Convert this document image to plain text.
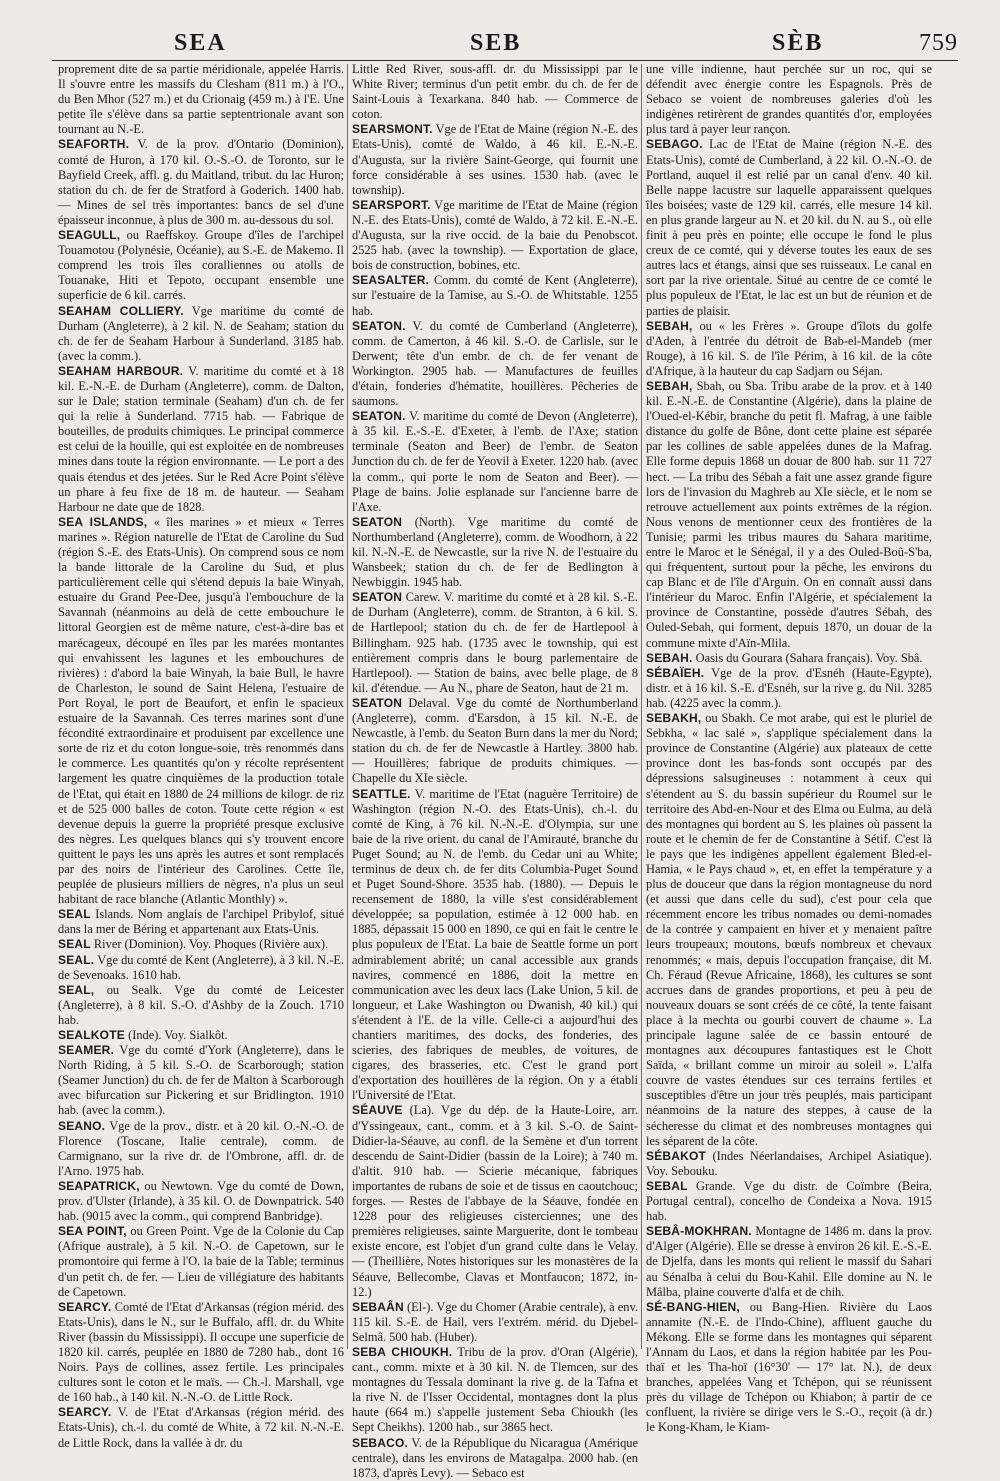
SEA	SEB	SÈB	759

proprement dite de sa partie méridionale, appelée Harris. Il s'ouvre entre les massifs du Clesham (811 m.) à l'O., du Ben Mhor (527 m.) et du Crionaig (459 m.) à l'E. Une petite île s'élève dans sa partie septentrionale avant son tournant au N.-E.

SEAFORTH. V. de la prov. d'Ontario (Dominion), comté de Huron, à 170 kil. O.-S.-O. de Toronto, sur le Bayfield Creek, affl. g. du Maitland, tribut. du lac Huron; station du ch. de fer de Stratford à Goderich. 1400 hab. — Mines de sel très importantes: bancs de sel d'une épaisseur inconnue, à plus de 300 m. au-dessous du sol.

SEAGULL, ou Raeffskoy. Groupe d'îles de l'archipel Touamotou (Polynésie, Océanie), au S.-E. de Makemo. Il comprend les trois îles coralliennes ou atolls de Touanake, Hiti et Tepoto, occupant ensemble une superficie de 6 kil. carrés.

SEAHAM COLLIERY. Vge maritime du comté de Durham (Angleterre), à 2 kil. N. de Seaham; station du ch. de fer de Seaham Harbour à Sunderland. 3185 hab. (avec la comm.).

SEAHAM HARBOUR. V. maritime du comté et à 18 kil. E.-N.-E. de Durham (Angleterre), comm. de Dalton, sur le Dale; station terminale (Seaham) d'un ch. de fer qui la relie à Sunderland. 7715 hab. — Fabrique de bouteilles, de produits chimiques. Le principal commerce est celui de la houille, qui est exploitée en de nombreuses mines dans toute la région environnante. — Le port a des quais étendus et des jetées. Sur le Red Acre Point s'élève un phare à feu fixe de 18 m. de hauteur. — Seaham Harbour ne date que de 1828.

SEA ISLANDS, « îles marines » et mieux « Terres marines ». Région naturelle de l'Etat de Caroline du Sud (région S.-E. des Etats-Unis). On comprend sous ce nom la bande littorale de la Caroline du Sud, et plus particulièrement celle qui s'étend depuis la baie Winyah, estuaire du Grand Pee-Dee, jusqu'à l'embouchure de la Savannah (néanmoins au delà de cette embouchure le littoral Georgien est de même nature, c'est-à-dire bas et marécageux, découpé en îles par les marées montantes qui envahissent les lagunes et les embouchures de rivières) : d'abord la baie Winyah, la baie Bull, le havre de Charleston, le sound de Saint Helena, l'estuaire de Port Royal, le port de Beaufort, et enfin le spacieux estuaire de la Savannah. Ces terres marines sont d'une fécondité extraordinaire et produisent par excellence une sorte de riz et du coton longue-soie, très renommés dans le commerce. Les quantités qu'on y récolte représentent largement les quatre cinquièmes de la production totale de l'Etat, qui était en 1880 de 24 millions de kilogr. de riz et de 525 000 balles de coton. Toute cette région « est devenue depuis la guerre la propriété presque exclusive des nègres. Les quelques blancs qui s'y trouvent encore quittent le pays les uns après les autres et sont remplacés par des noirs de l'intérieur des Carolines. Cette île, peuplée de plusieurs milliers de nègres, n'a plus un seul habitant de race blanche (Atlantic Monthly) ».

SEAL Islands. Nom anglais de l'archipel Pribylof, situé dans la mer de Béring et appartenant aux Etats-Unis.

SEAL River (Dominion). Voy. Phoques (Rivière aux).

SEAL. Vge du comté de Kent (Angleterre), à 3 kil. N.-E. de Sevenoaks. 1610 hab.

SEAL, ou Sealk. Vge du comté de Leicester (Angleterre), à 8 kil. S.-O. d'Ashby de la Zouch. 1710 hab.

SEALKOTE (Inde). Voy. Sialkôt.

SEAMER. Vge du comté d'York (Angleterre), dans le North Riding, à 5 kil. S.-O. de Scarborough; station (Seamer Junction) du ch. de fer de Malton à Scarborough avec bifurcation sur Pickering et sur Bridlington. 1910 hab. (avec la comm.).

SEANO. Vge de la prov., distr. et à 20 kil. O.-N.-O. de Florence (Toscane, Italie centrale), comm. de Carmignano, sur la rive dr. de l'Ombrone, affl. dr. de l'Arno. 1975 hab.

SEAPATRICK, ou Newtown. Vge du comté de Down, prov. d'Ulster (Irlande), à 35 kil. O. de Downpatrick. 540 hab. (9015 avec la comm., qui comprend Banbridge).

SEA POINT, ou Green Point. Vge de la Colonie du Cap (Afrique australe), à 5 kil. N.-O. de Capetown, sur le promontoire qui ferme à l'O. la baie de la Table; terminus d'un petit ch. de fer. — Lieu de villégiature des habitants de Capetown.

SEARCY. Comté de l'Etat d'Arkansas (région mérid. des Etats-Unis), dans le N., sur le Buffalo, affl. dr. du White River (bassin du Mississippi). Il occupe une superficie de 1820 kil. carrés, peuplée en 1880 de 7280 hab., dont 16 Noirs. Pays de collines, assez fertile. Les principales cultures sont le coton et le maïs. — Ch.-l. Marshall, vge de 160 hab., à 140 kil. N.-N.-O. de Little Rock.

SEARCY. V. de l'Etat d'Arkansas (région mérid. des Etats-Unis), ch.-l. du comté de White, à 72 kil. N.-N.-E. de Little Rock, dans la vallée à dr. du

Little Red River, sous-affl. dr. du Mississippi par le White River; terminus d'un petit embr. du ch. de fer de Saint-Louis à Texarkana. 840 hab. — Commerce de coton.

SEARSMONT. Vge de l'Etat de Maine (région N.-E. des Etats-Unis), comté de Waldo, à 46 kil. E.-N.-E. d'Augusta, sur la rivière Saint-George, qui fournit une force considérable à ses usines. 1530 hab. (avec le township).

SEARSPORT. Vge maritime de l'Etat de Maine (région N.-E. des Etats-Unis), comté de Waldo, à 72 kil. E.-N.-E. d'Augusta, sur la rive occid. de la baie du Penobscot. 2525 hab. (avec la township). — Exportation de glace, bois de construction, bobines, etc.

SEASALTER. Comm. du comté de Kent (Angleterre), sur l'estuaire de la Tamise, au S.-O. de Whitstable. 1255 hab.

SEATON. V. du comté de Cumberland (Angleterre), comm. de Camerton, à 46 kil. S.-O. de Carlisle, sur le Derwent; tête d'un embr. de ch. de fer venant de Workington. 2905 hab. — Manufactures de feuilles d'étain, fonderies d'hématite, houillères. Pêcheries de saumons.

SEATON. V. maritime du comté de Devon (Angleterre), à 35 kil. E.-S.-E. d'Exeter, à l'emb. de l'Axe; station terminale (Seaton and Beer) de l'embr. de Seaton Junction du ch. de fer de Yeovil à Exeter. 1220 hab. (avec la comm., qui porte le nom de Seaton and Beer). — Plage de bains. Jolie esplanade sur l'ancienne barre de l'Axe.

SEATON (North). Vge maritime du comté de Northumberland (Angleterre), comm. de Woodhorn, à 22 kil. N.-N.-E. de Newcastle, sur la rive N. de l'estuaire du Wansbeek; station du ch. de fer de Bedlington à Newbiggin. 1945 hab.

SEATON Carew. V. maritime du comté et à 28 kil. S.-E. de Durham (Angleterre), comm. de Stranton, à 6 kil. S. de Hartlepool; station du ch. de fer de Hartlepool à Billingham. 925 hab. (1735 avec le township, qui est entièrement compris dans le bourg parlementaire de Hartlepool). — Station de bains, avec belle plage, de 8 kil. d'étendue. — Au N., phare de Seaton, haut de 21 m.

SEATON Delaval. Vge du comté de Northumberland (Angleterre), comm. d'Earsdon, à 15 kil. N.-E. de Newcastle, à l'emb. du Seaton Burn dans la mer du Nord; station du ch. de fer de Newcastle à Hartley. 3800 hab. — Houillères; fabrique de produits chimiques. — Chapelle du XIe siècle.

SEATTLE. V. maritime de l'Etat (naguère Territoire) de Washington (région N.-O. des Etats-Unis), ch.-l. du comté de King, à 76 kil. N.-N.-E. d'Olympia, sur une baie de la rive orient. du canal de l'Amirauté, branche du Puget Sound; au N. de l'emb. du Cedar uni au White; terminus de deux ch. de fer dits Columbia-Puget Sound et Puget Sound-Shore. 3535 hab. (1880). — Depuis le recensement de 1880, la ville s'est considérablement développée; sa population, estimée à 12 000 hab. en 1885, dépassait 15 000 en 1890, ce qui en fait le centre le plus populeux de l'Etat. La baie de Seattle forme un port admirablement abrité; un canal accessible aux grands navires, commencé en 1886, doit la mettre en communication avec les deux lacs (Lake Union, 5 kil. de longueur, et Lake Washington ou Dwanish, 40 kil.) qui s'étendent à l'E. de la ville. Celle-ci a aujourd'hui des chantiers maritimes, des docks, des fonderies, des scieries, des fabriques de meubles, de voitures, de cigares, des brasseries, etc. C'est le grand port d'exportation des houillères de la région. On y a établi l'Université de l'Etat.

SÉAUVE (La). Vge du dép. de la Haute-Loire, arr. d'Yssingeaux, cant., comm. et à 3 kil. S.-O. de Saint-Didier-la-Séauve, au confl. de la Semène et d'un torrent descendu de Saint-Didier (bassin de la Loire); à 740 m. d'altit. 910 hab. — Scierie mécanique, fabriques importantes de rubans de soie et de tissus en caoutchouc; forges. — Restes de l'abbaye de la Séauve, fondée en 1228 pour des religieuses cisterciennes; une des premières religieuses, sainte Marguerite, dont le tombeau existe encore, est l'objet d'un grand culte dans le Velay. — (Theillière, Notes historiques sur les monastères de la Séauve, Bellecombe, Clavas et Montfaucon; 1872, in-12.)

SEBAÂN (El-). Vge du Chomer (Arabie centrale), à env. 115 kil. S.-E. de Hail, vers l'extrém. mérid. du Djebel-Selmâ. 500 hab. (Huber).

SEBA CHIOUKH. Tribu de la prov. d'Oran (Algérie), cant., comm. mixte et à 30 kil. N. de Tlemcen, sur des montagnes du Tessala dominant la rive g. de la Tafna et la rive N. de l'Isser Occidental, montagnes dont la plus haute (664 m.) s'appelle justement Seba Chioukh (les Sept Cheikhs). 1200 hab., sur 3865 hect.

SEBACO. V. de la République du Nicaragua (Amérique centrale), dans les environs de Matagalpa. 2000 hab. (en 1873, d'après Levy). — Sebaco est

une ville indienne, haut perchée sur un roc, qui se défendit avec énergie contre les Espagnols. Près de Sebaco se voient de nombreuses galeries d'où les indigènes retirèrent de grandes quantités d'or, employées plus tard à payer leur rançon.

SEBAGO. Lac de l'Etat de Maine (région N.-E. des Etats-Unis), comté de Cumberland, à 22 kil. O.-N.-O. de Portland, auquel il est relié par un canal d'env. 40 kil. Belle nappe lacustre sur laquelle apparaissent quelques îles boisées; vaste de 129 kil. carrés, elle mesure 14 kil. en plus grande largeur au N. et 20 kil. du N. au S., où elle finit à peu près en pointe; elle occupe le fond le plus creux de ce comté, qui y déverse toutes les eaux de ses autres lacs et étangs, ainsi que ses ruisseaux. Le canal en sort par la rive orientale. Situé au centre de ce comté le plus populeux de l'Etat, le lac est un but de réunion et de parties de plaisir.

SEBAH, ou « les Frères ». Groupe d'îlots du golfe d'Aden, à l'entrée du détroit de Bab-el-Mandeb (mer Rouge), à 16 kil. S. de l'île Périm, à 16 kil. de la côte d'Afrique, à la hauteur du cap Sadjarn ou Séjan.

SEBAH, Sbah, ou Sba. Tribu arabe de la prov. et à 140 kil. E.-N.-E. de Constantine (Algérie), dans la plaine de l'Oued-el-Kébir, branche du petit fl. Mafrag, à une faible distance du golfe de Bône, dont cette plaine est séparée par les collines de sable appelées dunes de la Mafrag. Elle forme depuis 1868 un douar de 800 hab. sur 11 727 hect. — La tribu des Sébah a fait une assez grande figure lors de l'invasion du Maghreb au XIe siècle, et le nom se retrouve actuellement aux points extrêmes de la région. Nous venons de mentionner ceux des frontières de la Tunisie; parmi les tribus maures du Sahara maritime, entre le Maroc et le Sénégal, il y a des Ouled-Boû-S'ba, qui fréquentent, surtout pour la pêche, les environs du cap Blanc et de l'île d'Arguin. On en connaît aussi dans l'intérieur du Maroc. Enfin l'Algérie, et spécialement la province de Constantine, possède d'autres Sébah, des Ouled-Sebah, qui forment, depuis 1870, un douar de la commune mixte d'Aïn-Mlila.

SEBAH. Oasis du Gourara (Sahara français). Voy. Sbâ.

SÉBAÏEH. Vge de la prov. d'Esnéh (Haute-Egypte), distr. et à 16 kil. S.-E. d'Esnéh, sur la rive g. du Nil. 3285 hab. (4225 avec la comm.).

SEBAKH, ou Sbakh. Ce mot arabe, qui est le pluriel de Sebkha, « lac salé », s'applique spécialement dans la province de Constantine (Algérie) aux plateaux de cette province dont les bas-fonds sont occupés par des dépressions salsugineuses : notamment à ceux qui s'étendent au S. du bassin supérieur du Roumel sur le territoire des Abd-en-Nour et des Elma ou Eulma, au delà des montagnes qui bordent au S. les plaines où passent la route et le chemin de fer de Constantine à Sétif. C'est là le pays que les indigènes appellent également Bled-el-Hamia, « le Pays chaud », et, en effet la température y a plus de douceur que dans la région montagneuse du nord (et aussi que dans celle du sud), c'est pour cela que récemment encore les tribus nomades ou demi-nomades de la contrée y campaient en hiver et y menaient paître leurs troupeaux; moutons, bœufs nombreux et chevaux renommés; « mais, depuis l'occupation française, dit M. Ch. Féraud (Revue Africaine, 1868), les cultures se sont accrues dans de grandes proportions, et peu à peu de nouveaux douars se sont créés de ce côté, la tente faisant place à la mechta ou gourbi couvert de chaume ». La principale lagune salée de ce bassin entouré de montagnes aux découpures fantastiques est le Chott Saïda, « brillant comme un miroir au soleil ». L'alfa couvre de vastes étendues sur ces terrains fertiles et susceptibles d'être un jour très peuplés, mais participant néanmoins de la nature des steppes, à cause de la sécheresse du climat et des nombreuses montagnes qui les séparent de la côte.

SÉBAKOT (Indes Néerlandaises, Archipel Asiatique). Voy. Sebouku.

SEBAL Grande. Vge du distr. de Coïmbre (Beira, Portugal central), concelho de Condeixa a Nova. 1915 hab.

SEBÂ-MOKHRAN. Montagne de 1486 m. dans la prov. d'Alger (Algérie). Elle se dresse à environ 26 kil. E.-S.-E. de Djelfa, dans les monts qui relient le massif du Sahari au Sénalba à celui du Bou-Kahil. Elle domine au N. le Mâlba, plaine couverte d'alfa et de chih.

SÉ-BANG-HIEN, ou Bang-Hien. Rivière du Laos annamite (N.-E. de l'Indo-Chine), affluent gauche du Mékong. Elle se forme dans les montagnes qui séparent l'Annam du Laos, et dans la région habitée par les Pou-thaï et les Tha-hoï (16°30' — 17° lat. N.), de deux branches, appelées Vang et Tchépon, qui se réunissent près du village de Tchépon ou Khiabon; à partir de ce confluent, la rivière se dirige vers le S.-O., reçoit (à dr.) le Kong-Kham, le Kiam-
